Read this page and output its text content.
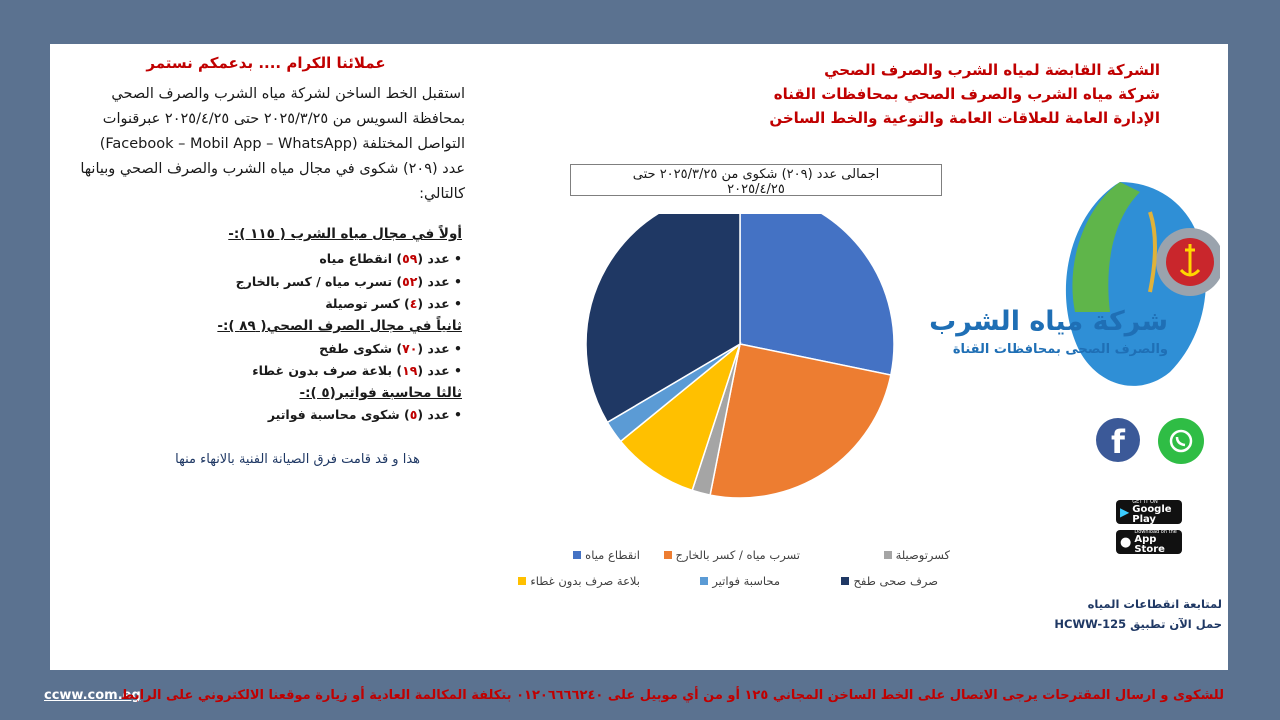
الشركة القابضة لمياه الشرب والصرف الصحي
شركة مياه الشرب والصرف الصحي بمحافظات القناه
الإدارة العامة للعلاقات العامة والتوعية والخط الساخن
عملائنا الكرام .... بدعمكم نستمر
استقبل الخط الساخن لشركة مياه الشرب والصرف الصحي
بمحافظة السويس من ٢٠٢٥/٣/٢٥ حتى ٢٠٢٥/٤/٢٥ عبرقنوات
التواصل المختلفة (Facebook – Mobil App – WhatsApp)
عدد (٢٠٩) شكوى في مجال مياه الشرب والصرف الصحي وبيانها
كالتالي:
أولاً في مجال مياه الشرب ( ١١٥ ):-
• عدد (٥٩) انقطاع مياه
• عدد (٥٢) تسرب مياه / كسر بالخارج
• عدد (٤) كسر توصيلة
ثانياً في مجال الصرف الصحي( ٨٩ ):-
• عدد (٧٠) شكوى طفح
• عدد (١٩) بلاعة صرف بدون غطاء
ثالثا محاسبة فواتير(٥ ):-
• عدد (٥) شكوى محاسبة فواتير
هذا و قد قامت فرق الصيانة الفنية بالانهاء منها
اجمالى عدد (٢٠٩) شكوى من ٢٠٢٥/٣/٢٥ حتى
٢٠٢٥/٤/٢٥
انقطاع مياه	تسرب مياه / كسر بالخارج	كسرتوصيلة
بلاعة صرف بدون غطاء	محاسبة فواتير	صرف صحى طفح
شركة مياه الشرب
والصرف الصحى بمحافظات القناة
f
▶
GET IT ON
Google Play
●
Download on the
App Store
لمتابعة انقطاعات المياه
حمل الآن تطبيق HCWW-125
ccww.com.eg
للشكوى و ارسال المقترحات يرجى الاتصال على الخط الساخن المجاني ١٢٥ أو من أي موبيل على ٠١٢٠٦٦٦٦٢٤٠ بتكلفة المكالمة العادية أو زيارة موقعنا الالكتروني على الرابط
